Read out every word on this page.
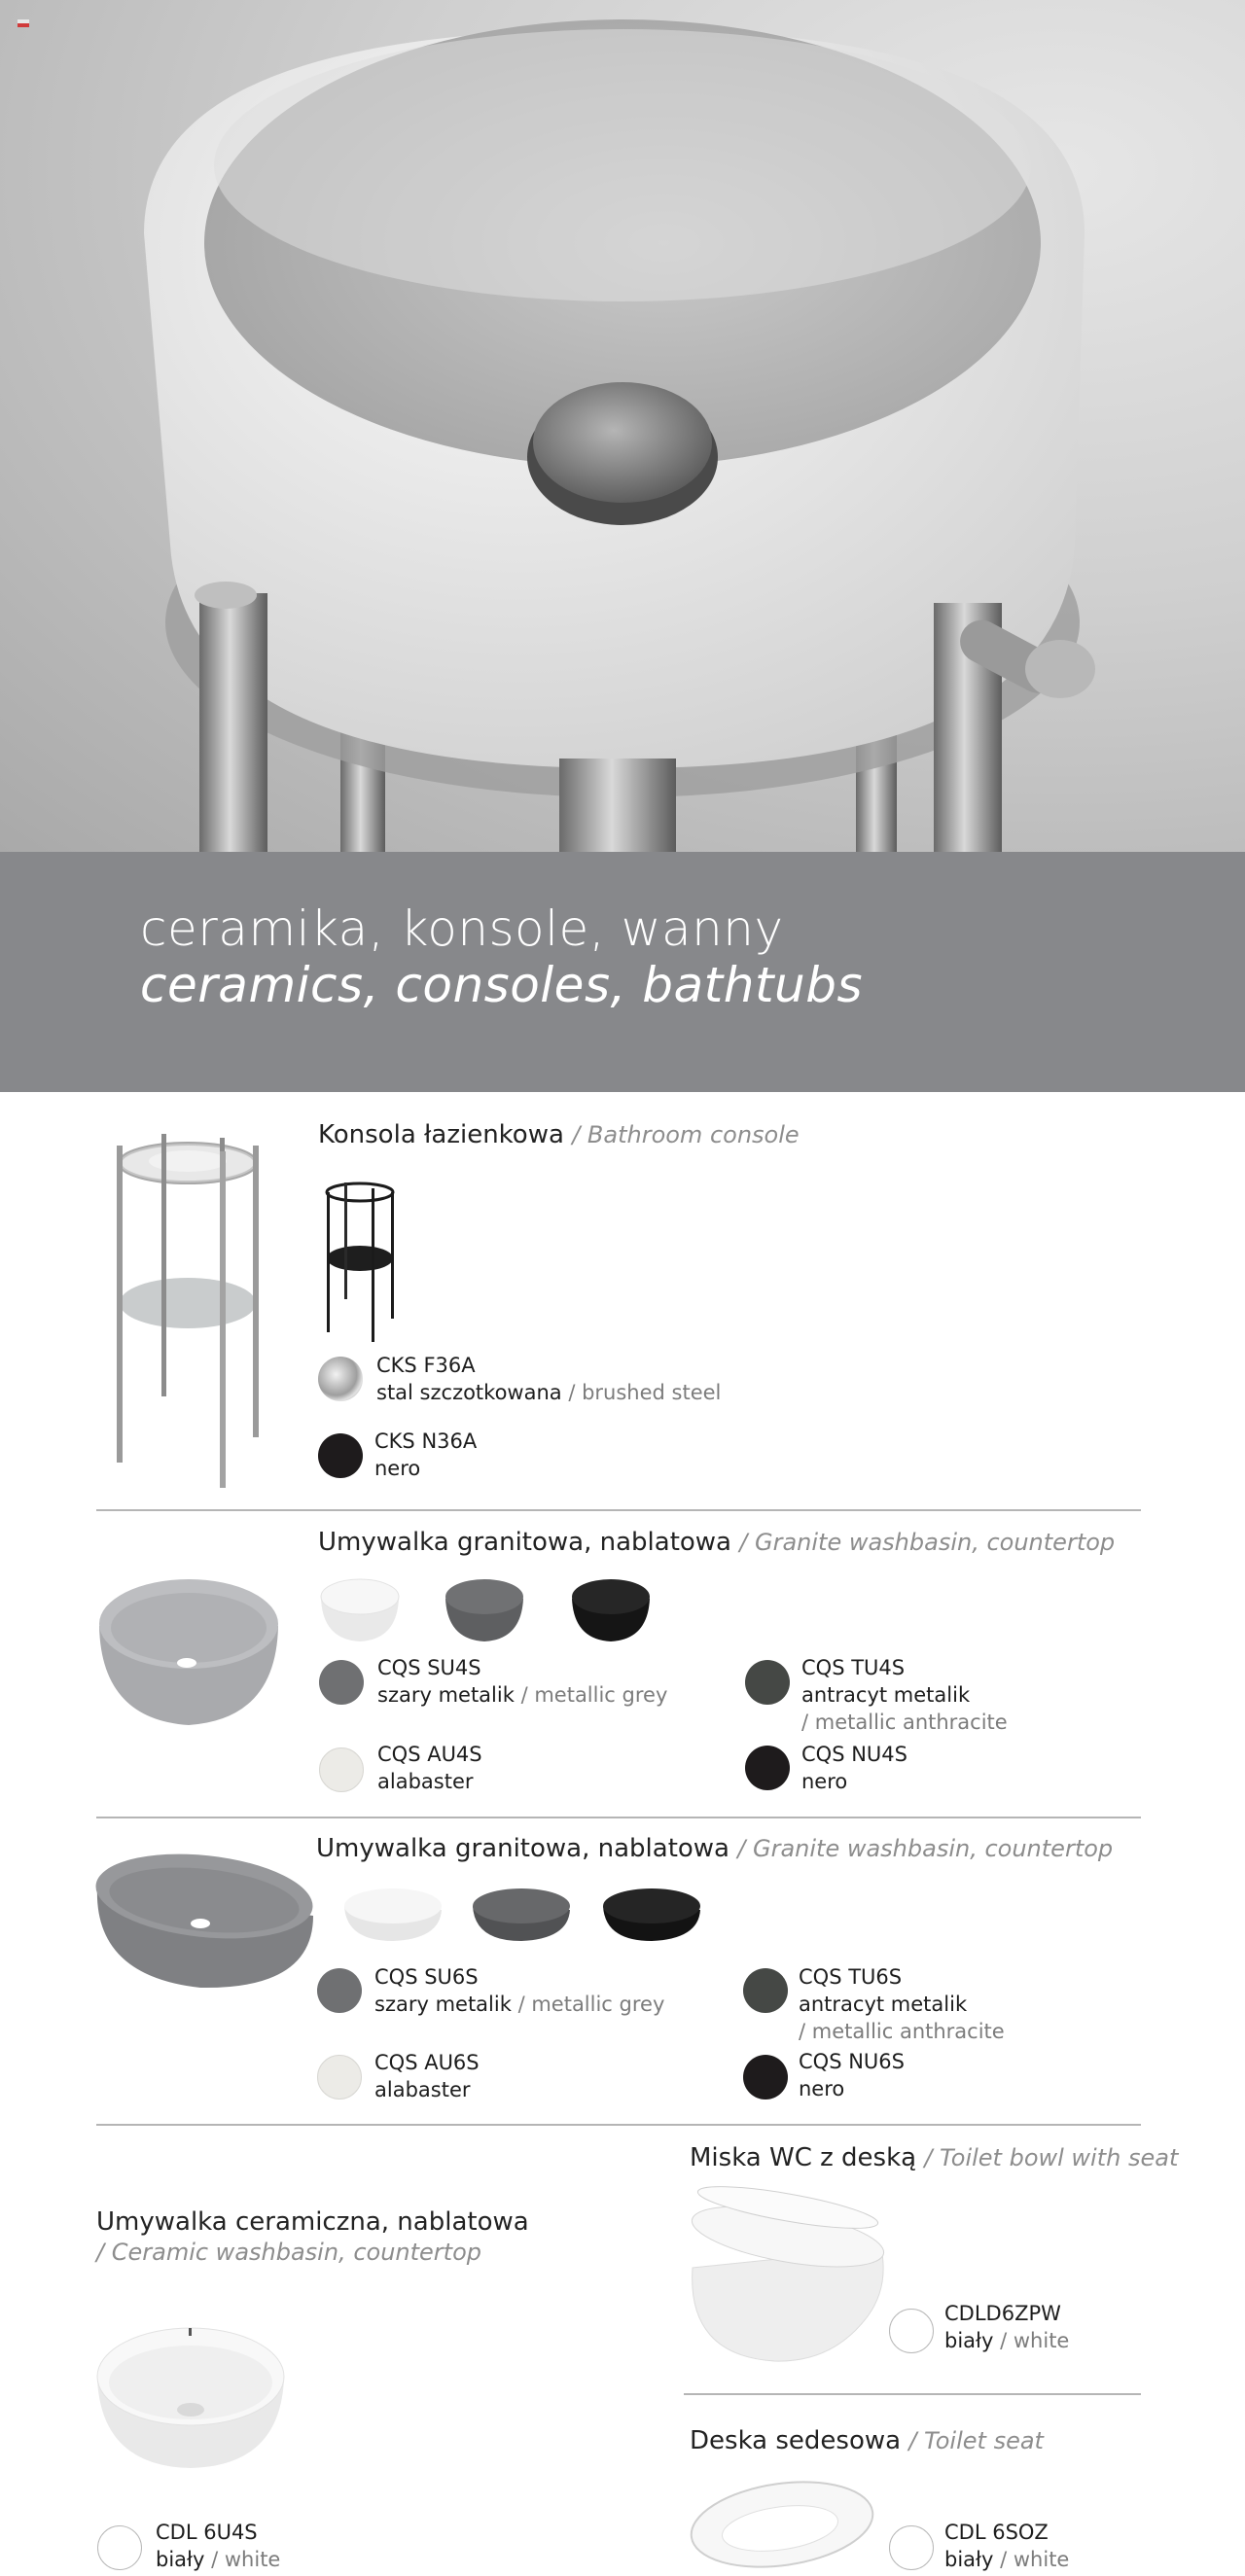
ceramika, konsole, wanny
ceramics, consoles, bathtubs
Konsola łazienkowa / Bathroom console
CKS F36A
stal szczotkowana / brushed steel
CKS N36A
nero
Umywalka granitowa, nablatowa / Granite washbasin, countertop
CQS SU4S
szary metalik / metallic grey
CQS TU4S
antracyt metalik
/ metallic anthracite
CQS AU4S
alabaster
CQS NU4S
nero
Umywalka granitowa, nablatowa / Granite washbasin, countertop
CQS SU6S
szary metalik / metallic grey
CQS TU6S
antracyt metalik
/ metallic anthracite
CQS AU6S
alabaster
CQS NU6S
nero
Umywalka ceramiczna, nablatowa
/ Ceramic washbasin, countertop
CDL 6U4S
biały / white
Miska WC z deską / Toilet bowl with seat
CDLD6ZPW
biały / white
Deska sedesowa / Toilet seat
CDL 6SOZ
biały / white
